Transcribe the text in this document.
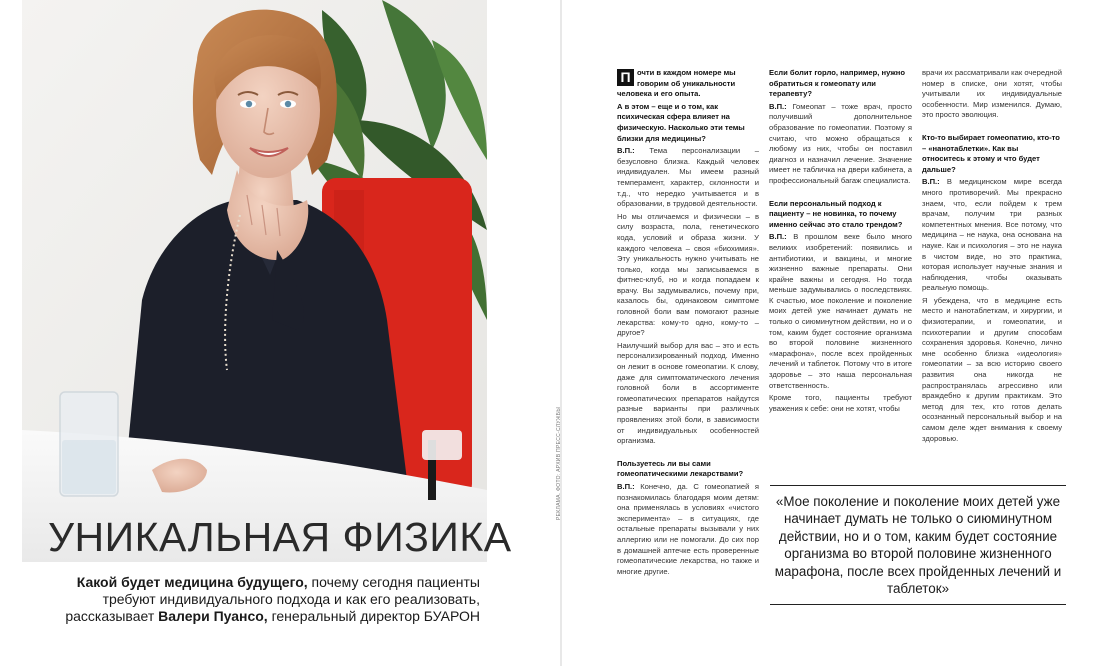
УНИКАЛЬНАЯ ФИЗИКА
Какой будет медицина будущего, почему сегодня пациенты требуют индивидуального подхода и как его реализовать, рассказывает Валери Пуансо, генеральный директор БУАРОН
РЕКЛАМА. ФОТО: АРХИВ ПРЕСС-СЛУЖБЫ

П очти в каждом номере мы говорим об уникальности человека и его опыта.

А в этом – еще и о том, как психическая сфера влияет на физическую. Насколько эти темы близки для медицины?

В.П.: Тема персонализации – безусловно близка. Каждый человек индивидуален. Мы имеем разный темперамент, характер, склонности и т.д., что нередко учитывается и в образовании, в трудовой деятельности.

Но мы отличаемся и физически – в силу возраста, пола, генетического кода, условий и образа жизни. У каждого человека – своя «биохимия». Эту уникальность нужно учитывать не только, когда мы записываемся в фитнес-клуб, но и когда попадаем к врачу. Вы задумывались, почему при, казалось бы, одинаковом симптоме головной боли вам помогают разные лекарства: кому-то одно, кому-то – другое?

Наилучший выбор для вас – это и есть персонализированный подход. Именно он лежит в основе гомеопатии. К слову, даже для симптоматического лечения головной боли в ассортименте гомеопатических препаратов найдутся разные варианты при различных проявлениях этой боли, в зависимости от индивидуальных особенностей организма.

Пользуетесь ли вы сами гомеопатическими лекарствами?

В.П.: Конечно, да. С гомеопатией я познакомилась благодаря моим детям: она применялась в условиях «чистого эксперимента» – в ситуациях, где остальные препараты вызывали у них аллергию или не помогали. До сих пор в домашней аптечке есть проверенные гомеопатические лекарства, но также и многие другие.

Если болит горло, например, нужно обратиться к гомеопату или терапевту?

В.П.: Гомеопат – тоже врач, просто получивший дополнительное образование по гомеопатии. Поэтому я считаю, что можно обращаться к любому из них, чтобы он поставил диагноз и назначил лечение. Значение имеет не табличка на двери кабинета, а профессиональный багаж специалиста.

Если персональный подход к пациенту – не новинка, то почему именно сейчас это стало трендом?

В.П.: В прошлом веке было много великих изобретений: появились и антибиотики, и вакцины, и многие жизненно важные препараты. Они крайне важны и сегодня. Но тогда меньше задумывались о последствиях. К счастью, мое поколение и поколение моих детей уже начинает думать не только о сиюминутном действии, но и о том, каким будет состояние организма во второй половине жизненного «марафона», после всех пройденных лечений и таблеток. Потому что в итоге здоровье – это наша персональная ответственность.

Кроме того, пациенты требуют уважения к себе: они не хотят, чтобы

врачи их рассматривали как очередной номер в списке, они хотят, чтобы учитывали их индивидуальные особенности. Мир изменился. Думаю, это просто эволюция.

Кто-то выбирает гомеопатию, кто-то – «нанотаблетки». Как вы относитесь к этому и что будет дальше?

В.П.: В медицинском мире всегда много противоречий. Мы прекрасно знаем, что, если пойдем к трем врачам, получим три разных компетентных мнения. Все потому, что медицина – не наука, она основана на науке. Как и психология – это не наука в чистом виде, но это практика, которая использует научные знания и наблюдения, чтобы оказывать реальную помощь.

Я убеждена, что в медицине есть место и нанотаблеткам, и хирургии, и физиотерапии, и гомеопатии, и психотерапии и другим способам сохранения здоровья. Конечно, лично мне особенно близка «идеология» гомеопатии – за всю историю своего развития она никогда не распространялась агрессивно или враждебно к другим практикам. Это метод для тех, кто готов делать осознанный персональный выбор и на самом деле ждет внимания к своему здоровью.

«Мое поколение и поколение моих детей уже начинает думать не только о сиюминутном действии, но и о том, каким будет состояние организма во второй половине жизненного марафона, после всех пройденных лечений и таблеток»
